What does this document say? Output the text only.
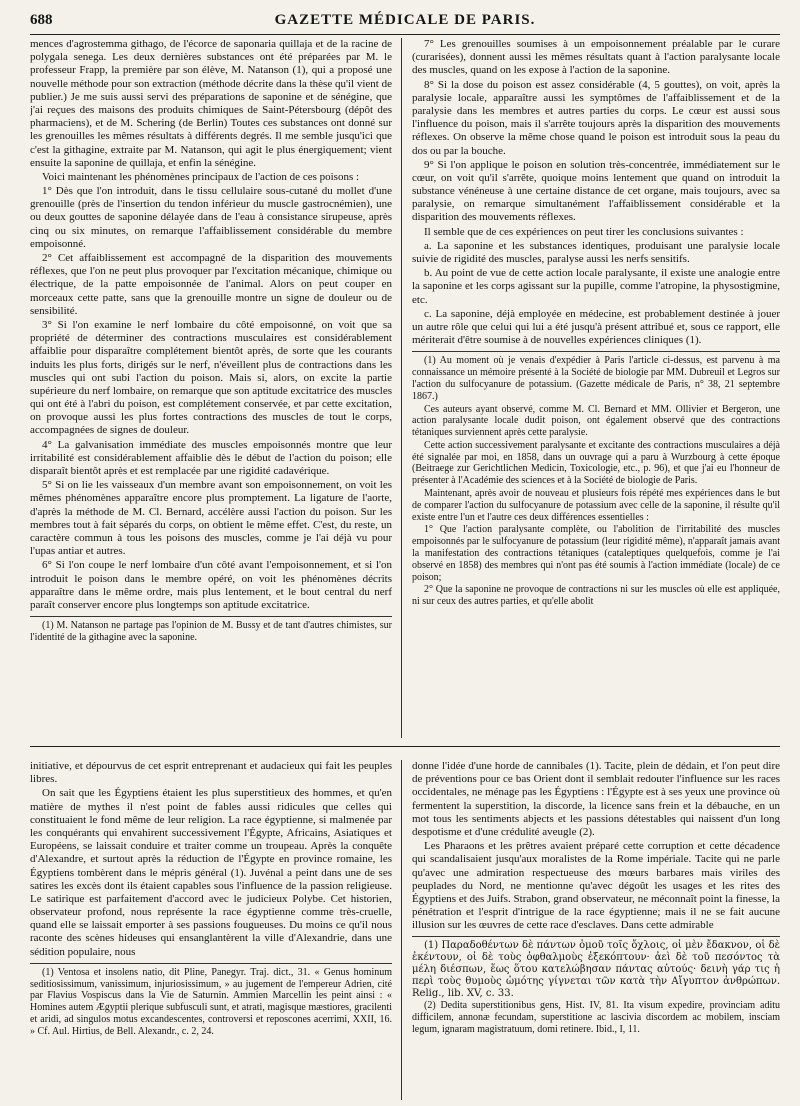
688	GAZETTE MÉDICALE DE PARIS.

mences d'agrostemma githago, de l'écorce de saponaria quillaja et de la racine de polygala senega. Les deux dernières substances ont été préparées par M. le professeur Frapp, la première par son élève, M. Natanson (1), qui a proposé une nouvelle méthode pour son extraction (méthode décrite dans la thèse qu'il vient de publier.) Je me suis aussi servi des préparations de saponine et de sénégine, que j'ai reçues des maisons des produits chimiques de Saint-Pétersbourg (dépôt des pharmaciens), et de M. Schering (de Berlin) Toutes ces substances ont donné sur les grenouilles les mêmes résultats à différents degrés. Il me semble jusqu'ici que c'est la githagine, extraite par M. Natanson, qui agit le plus énergiquement; vient ensuite la saponine de quillaja, et enfin la sénégine.

Voici maintenant les phénomènes principaux de l'action de ces poisons :

1° Dès que l'on introduit, dans le tissu cellulaire sous-cutané du mollet d'une grenouille (près de l'insertion du tendon inférieur du muscle gastrocnémien), une ou deux gouttes de saponine délayée dans de l'eau à consistance sirupeuse, après cinq ou six minutes, on remarque l'affaiblissement considérable du membre empoisonné.

2° Cet affaiblissement est accompagné de la disparition des mouvements réflexes, que l'on ne peut plus provoquer par l'excitation mécanique, chimique ou électrique, de la patte empoisonnée de l'animal. Alors on peut couper en morceaux cette patte, sans que la grenouille montre un signe de douleur ou de sensibilité.

3° Si l'on examine le nerf lombaire du côté empoisonné, on voit que sa propriété de déterminer des contractions musculaires est considérablement affaiblie pour disparaître complétement bientôt après, de sorte que les courants induits les plus forts, dirigés sur le nerf, n'éveillent plus de contractions dans les muscles qui ont subi l'action du poison. Mais si, alors, on excite la partie supérieure du nerf lombaire, on remarque que son aptitude excitatrice des muscles qui ont été à l'abri du poison, est complétement conservée, et par cette excitation, on provoque aussi les plus fortes contractions des muscles de tout le corps, accompagnées de signes de douleur.

4° La galvanisation immédiate des muscles empoisonnés montre que leur irritabilité est considérablement affaiblie dès le début de l'action du poison; elle disparaît bientôt après et est remplacée par une rigidité cadavérique.

5° Si on lie les vaisseaux d'un membre avant son empoisonnement, on voit les mêmes phénomènes apparaître encore plus promptement. La ligature de l'aorte, d'après la méthode de M. Cl. Bernard, accélère aussi l'action du poison. Sur les membres tout à fait séparés du corps, on obtient le même effet. C'est, du reste, un caractère commun à tous les poisons des muscles, comme je l'ai déjà vu pour l'upas antiar et autres.

6° Si l'on coupe le nerf lombaire d'un côté avant l'empoisonnement, et si l'on introduit le poison dans le membre opéré, on voit les phénomènes décrits apparaître dans le même ordre, mais plus lentement, et le bout central du nerf paraît conserver encore plus longtemps son aptitude excitatrice.

(1) M. Natanson ne partage pas l'opinion de M. Bussy et de tant d'autres chimistes, sur l'identité de la githagine avec la saponine.

7° Les grenouilles soumises à un empoisonnement préalable par le curare (curarisées), donnent aussi les mêmes résultats quant à l'action paralysante locale des muscles, quand on les expose à l'action de la saponine.

8° Si la dose du poison est assez considérable (4, 5 gouttes), on voit, après la paralysie locale, apparaître aussi les symptômes de l'affaiblissement et de la paralysie dans les membres et autres parties du corps. Le cœur est aussi sous l'influence du poison, mais il s'arrête toujours après la disparition des mouvements réflexes. On observe la même chose quand le poison est introduit sous la peau du dos ou par la bouche.

9° Si l'on applique le poison en solution très-concentrée, immédiatement sur le cœur, on voit qu'il s'arrête, quoique moins lentement que quand on introduit la substance vénéneuse à une certaine distance de cet organe, mais toujours, avec sa paralysie, on remarque simultanément l'affaiblissement considérable et la disparition des mouvements réflexes.

Il semble que de ces expériences on peut tirer les conclusions suivantes :

a. La saponine et les substances identiques, produisant une paralysie locale suivie de rigidité des muscles, paralyse aussi les nerfs sensitifs.

b. Au point de vue de cette action locale paralysante, il existe une analogie entre la saponine et les corps agissant sur la pupille, comme l'atropine, la physostigmine, etc.

c. La saponine, déjà employée en médecine, est probablement destinée à jouer un autre rôle que celui qui lui a été jusqu'à présent attribué et, sous ce rapport, elle mériterait d'être soumise à de nouvelles expériences cliniques (1).

(1) Au moment où je venais d'expédier à Paris l'article ci-dessus, est parvenu à ma connaissance un mémoire présenté à la Société de biologie par MM. Dubreuil et Legros sur l'action du sulfocyanure de potassium. (Gazette médicale de Paris, n° 38, 21 septembre 1867.)

Ces auteurs ayant observé, comme M. Cl. Bernard et MM. Ollivier et Bergeron, une action paralysante locale dudit poison, ont également observé que des contractions tétaniques surviennent après cette paralysie.

Cette action successivement paralysante et excitante des contractions musculaires a déjà été signalée par moi, en 1858, dans un ouvrage qui a paru à Wurzbourg à cette époque (Beitraege zur Gerichtlichen Medicin, Toxicologie, etc., p. 96), et que j'ai eu l'honneur de présenter à l'Académie des sciences et à la Société de biologie de Paris.

Maintenant, après avoir de nouveau et plusieurs fois répété mes expériences dans le but de comparer l'action du sulfocyanure de potassium avec celle de la saponine, il résulte qu'il existe entre l'un et l'autre ces deux différences essentielles :

1° Que l'action paralysante complète, ou l'abolition de l'irritabilité des muscles empoisonnés par le sulfocyanure de potassium (leur rigidité même), n'apparaît jamais avant la manifestation des contractions tétaniques (cataleptiques quelquefois, comme je l'ai observé en 1858) des membres qui n'ont pas été soumis à l'action immédiate (locale) de ce poison;

2° Que la saponine ne provoque de contractions ni sur les muscles où elle est appliquée, ni sur ceux des autres parties, et qu'elle abolit

initiative, et dépourvus de cet esprit entreprenant et audacieux qui fait les peuples libres.

On sait que les Égyptiens étaient les plus superstitieux des hommes, et qu'en matière de mythes il n'est point de fables aussi ridicules que celles qui constituaient le fond même de leur religion. La race égyptienne, si malmenée par les conquérants qui envahirent successivement l'Égypte, Africains, Asiatiques et Européens, se laissait conduire et traiter comme un troupeau. Après la conquête d'Alexandre, et surtout après la réduction de l'Égypte en province romaine, les Égyptiens tombèrent dans le mépris général (1). Juvénal a peint dans une de ses satires les excès dont ils étaient capables sous l'influence de la passion religieuse. Le satirique est parfaitement d'accord avec le judicieux Polybe. Cet historien, observateur profond, nous représente la race égyptienne comme très-cruelle, quand elle se laissait emporter à ses passions fougueuses. Du moins ce qu'il nous raconte des scènes hideuses qui ensanglantèrent la ville d'Alexandrie, dans une sédition populaire, nous

(1) Ventosa et insolens natio, dit Pline, Panegyr. Traj. dict., 31. « Genus hominum seditiosissimum, vanissimum, injuriosissimum, » au jugement de l'empereur Adrien, cité par Flavius Vospiscus dans la Vie de Saturnin. Ammien Marcellin les peint ainsi : « Homines autem Ægyptii plerique subfusculi sunt, et atrati, magisque mæstiores, gracilenti et aridi, ad singulos motus excandescentes, controversi et reposcones acerrimi, XXII, 16. » Cf. Aul. Hirtius, de Bell. Alexandr., c. 2, 24.

donne l'idée d'une horde de cannibales (1). Tacite, plein de dédain, et l'on peut dire de préventions pour ce bas Orient dont il semblait redouter l'influence sur les races occidentales, ne ménage pas les Égyptiens : l'Égypte est à ses yeux une province où fermentent la superstition, la discorde, la licence sans frein et la débauche, en un mot tous les sentiments abjects et les passions détestables qui naissent d'un long despotisme et d'une crédulité aveugle (2).

Les Pharaons et les prêtres avaient préparé cette corruption et cette décadence qui scandalisaient jusqu'aux moralistes de la Rome impériale. Tacite qui ne parle qu'avec une admiration respectueuse des mœurs barbares mais viriles des peuplades du Nord, ne mentionne qu'avec dégoût les usages et les rites des Égyptiens et des Juifs. Strabon, grand observateur, ne méconnaît point la finesse, la pénétration et l'esprit d'intrigue de la race égyptienne; mais il ne se fait aucune illusion sur les œuvres de cette race d'esclaves. Dans cette admirable

(1) Παραδοθέντων δὲ πάντων ὁμοῦ τοῖς ὄχλοις, οἱ μὲν ἔδακνον, οἱ δὲ ἐκέντουν, οἱ δὲ τοὺς ὀφθαλμοὺς ἐξεκόπτουν· ἀεὶ δὲ τοῦ πεσόντος τὰ μέλη διέσπων, ἕως ὅτου κατελώβησαν πάντας αὐτούς· δεινὴ γάρ τις ἡ περὶ τοὺς θυμοὺς ὠμότης γίγνεται τῶν κατὰ τὴν Αἴγυπτον ἀνθρώπων. Relig., lib. XV, c. 33.

(2) Dedita superstitionibus gens, Hist. IV, 81. Ita visum expedire, provinciam aditu difficilem, annonæ fecundam, superstitione ac lascivia discordem ac mobilem, insciam legum, ignaram magistratuum, domi retinere. Ibid., I, 11.
